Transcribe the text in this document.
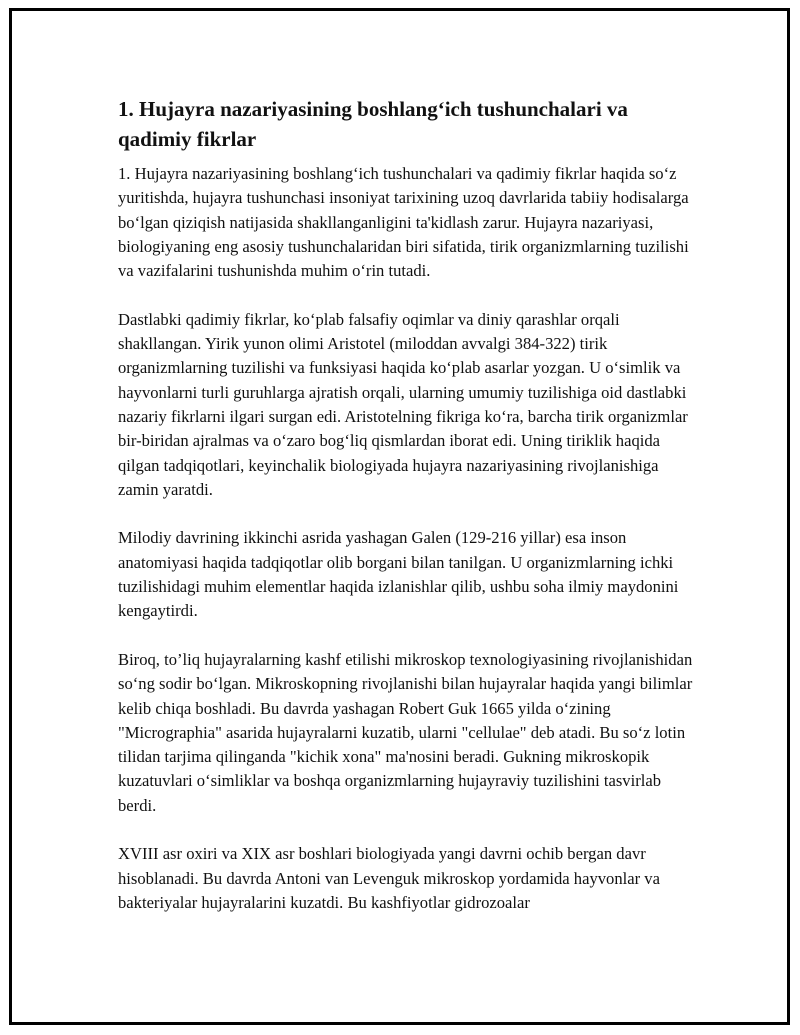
1. Hujayra nazariyasining boshlang‘ich tushunchalari va qadimiy fikrlar

1. Hujayra nazariyasining boshlang‘ich tushunchalari va qadimiy fikrlar haqida so‘z yuritishda, hujayra tushunchasi insoniyat tarixining uzoq davrlarida tabiiy hodisalarga bo‘lgan qiziqish natijasida shakllanganligini ta'kidlash zarur. Hujayra nazariyasi, biologiyaning eng asosiy tushunchalaridan biri sifatida, tirik organizmlarning tuzilishi va vazifalarini tushunishda muhim o‘rin tutadi.

Dastlabki qadimiy fikrlar, ko‘plab falsafiy oqimlar va diniy qarashlar orqali shakllangan. Yirik yunon olimi Aristotel (miloddan avvalgi 384-322) tirik organizmlarning tuzilishi va funksiyasi haqida ko‘plab asarlar yozgan. U o‘simlik va hayvonlarni turli guruhlarga ajratish orqali, ularning umumiy tuzilishiga oid dastlabki nazariy fikrlarni ilgari surgan edi. Aristotelning fikriga ko‘ra, barcha tirik organizmlar bir-biridan ajralmas va o‘zaro bog‘liq qismlardan iborat edi. Uning tiriklik haqida qilgan tadqiqotlari, keyinchalik biologiyada hujayra nazariyasining rivojlanishiga zamin yaratdi.

Milodiy davrining ikkinchi asrida yashagan Galen (129-216 yillar) esa inson anatomiyasi haqida tadqiqotlar olib borgani bilan tanilgan. U organizmlarning ichki tuzilishidagi muhim elementlar haqida izlanishlar qilib, ushbu soha ilmiy maydonini kengaytirdi.

Biroq, to’liq hujayralarning kashf etilishi mikroskop texnologiyasining rivojlanishidan so‘ng sodir bo‘lgan. Mikroskopning rivojlanishi bilan hujayralar haqida yangi bilimlar kelib chiqa boshladi. Bu davrda yashagan Robert Guk 1665 yilda o‘zining "Micrographia" asarida hujayralarni kuzatib, ularni "cellulae" deb atadi. Bu so‘z lotin tilidan tarjima qilinganda "kichik xona" ma'nosini beradi. Gukning mikroskopik kuzatuvlari o‘simliklar va boshqa organizmlarning hujayraviy tuzilishini tasvirlab berdi.

XVIII asr oxiri va XIX asr boshlari biologiyada yangi davrni ochib bergan davr hisoblanadi. Bu davrda Antoni van Levenguk mikroskop yordamida hayvonlar va bakteriyalar hujayralarini kuzatdi. Bu kashfiyotlar gidrozoalar
